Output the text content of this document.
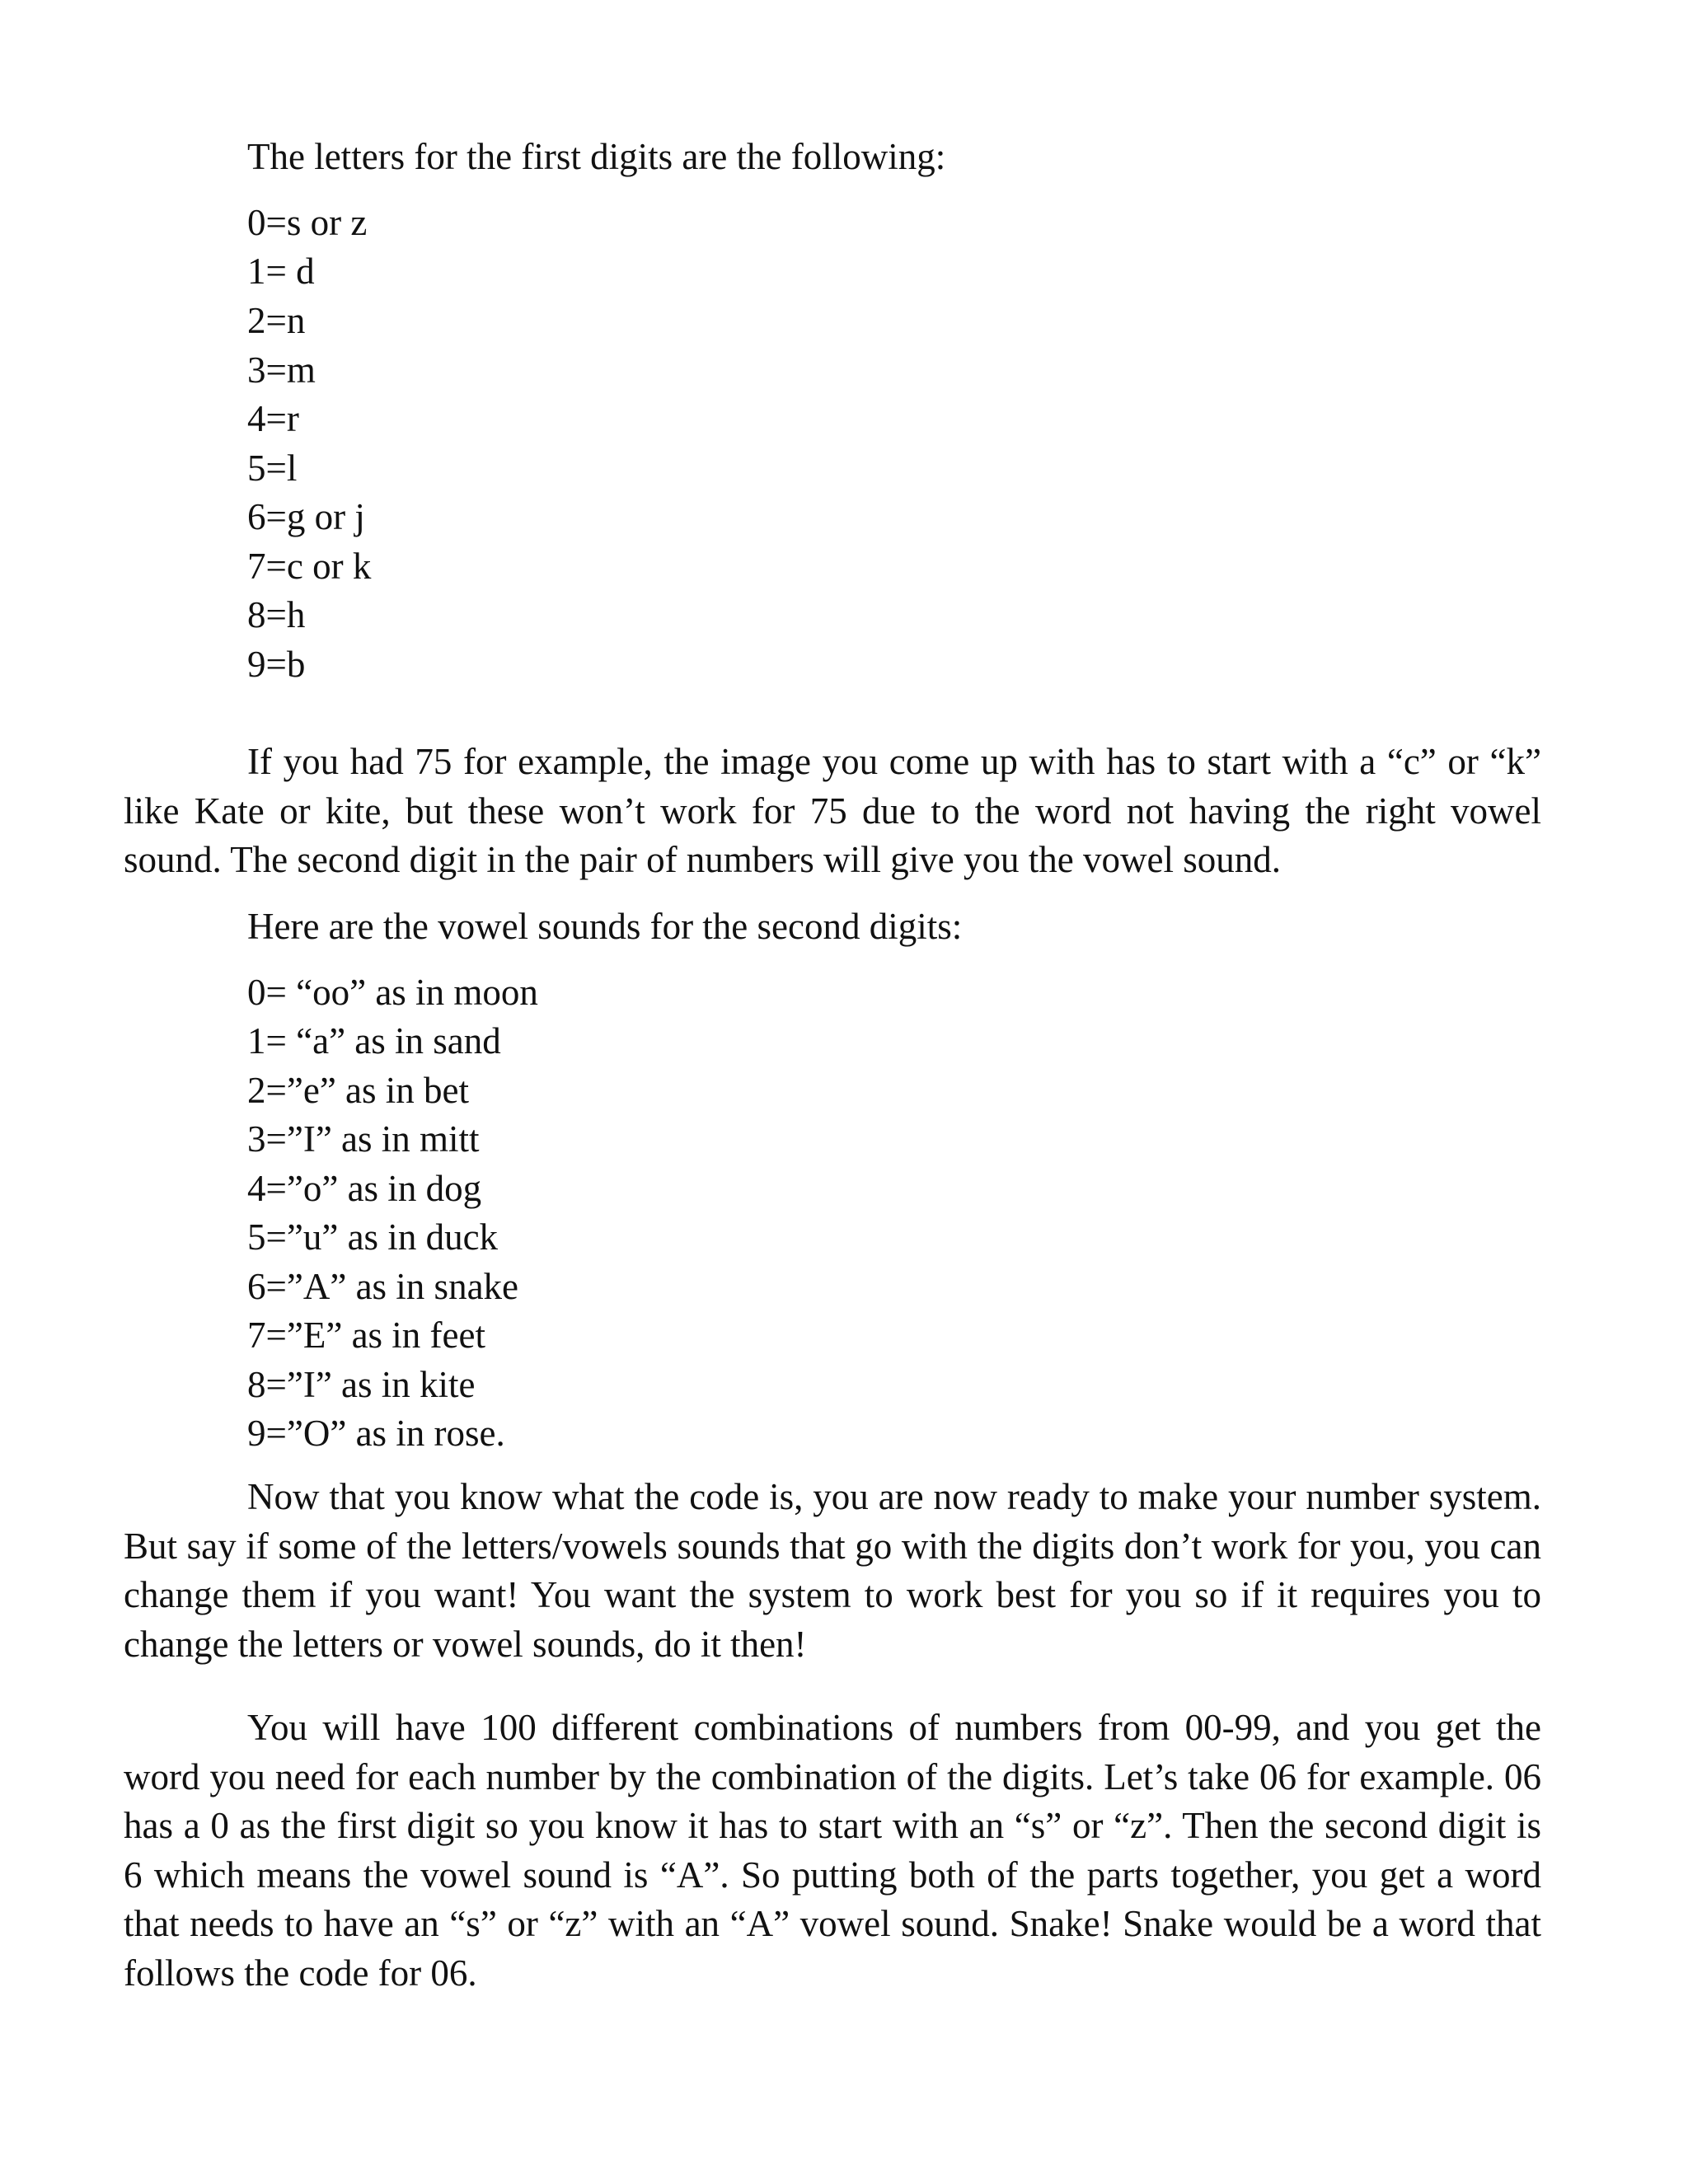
The letters for the first digits are the following:
0=s or z
1= d
2=n
3=m
4=r
5=l
6=g or j
7=c or k
8=h
9=b

If you had 75 for example, the image you come up with has to start with a “c” or “k” like Kate or kite, but these won’t work for 75 due to the word not having the right vowel sound. The second digit in the pair of numbers will give you the vowel sound.

Here are the vowel sounds for the second digits:
0= “oo” as in moon
1= “a” as in sand
2=”e” as in bet
3=”I” as in mitt
4=”o” as in dog
5=”u” as in duck
6=”A” as in snake
7=”E” as in feet
8=”I” as in kite
9=”O” as in rose.

Now that you know what the code is, you are now ready to make your number system. But say if some of the letters/vowels sounds that go with the digits don’t work for you, you can change them if you want! You want the system to work best for you so if it requires you to change the letters or vowel sounds, do it then!

You will have 100 different combinations of numbers from 00-99, and you get the word you need for each number by the combination of the digits. Let’s take 06 for example. 06 has a 0 as the first digit so you know it has to start with an “s” or “z”. Then the second digit is 6 which means the vowel sound is “A”. So putting both of the parts together, you get a word that needs to have an “s” or “z” with an “A” vowel sound. Snake! Snake would be a word that follows the code for 06.
